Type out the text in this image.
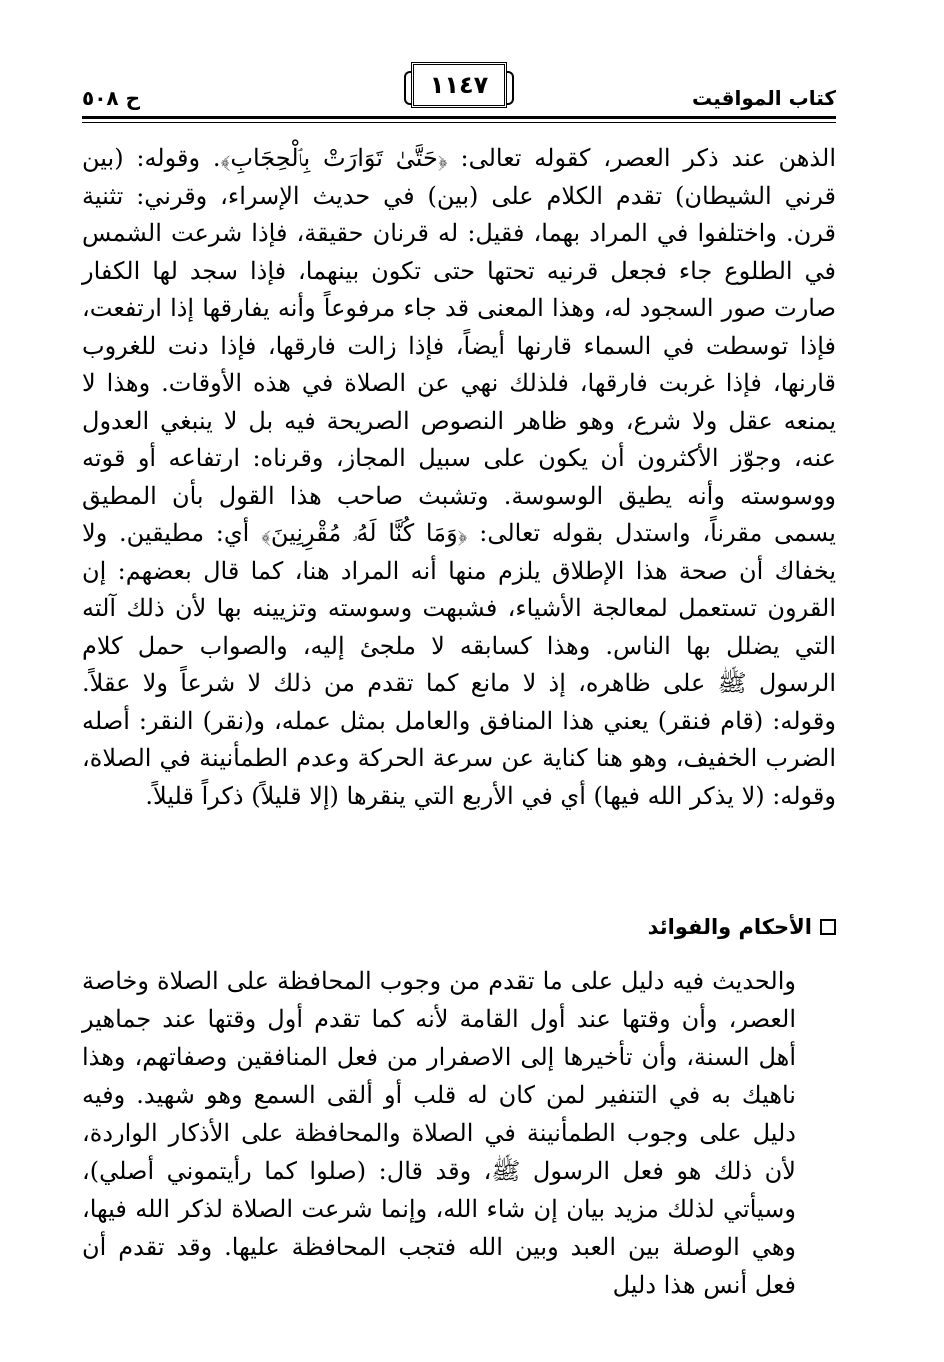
كتاب المواقيت
١١٤٧
ح ٥٠٨

الذهن عند ذكر العصر، كقوله تعالى: ﴿حَتَّىٰ تَوَارَتْ بِٱلْحِجَابِ﴾. وقوله: (بين قرني الشيطان) تقدم الكلام على (بين) في حديث الإسراء، وقرني: تثنية قرن. واختلفوا في المراد بهما، فقيل: له قرنان حقيقة، فإذا شرعت الشمس في الطلوع جاء فجعل قرنيه تحتها حتى تكون بينهما، فإذا سجد لها الكفار صارت صور السجود له، وهذا المعنى قد جاء مرفوعاً وأنه يفارقها إذا ارتفعت، فإذا توسطت في السماء قارنها أيضاً، فإذا زالت فارقها، فإذا دنت للغروب قارنها، فإذا غربت فارقها، فلذلك نهي عن الصلاة في هذه الأوقات. وهذا لا يمنعه عقل ولا شرع، وهو ظاهر النصوص الصريحة فيه بل لا ينبغي العدول عنه، وجوّز الأكثرون أن يكون على سبيل المجاز، وقرناه: ارتفاعه أو قوته ووسوسته وأنه يطيق الوسوسة. وتشبث صاحب هذا القول بأن المطيق يسمى مقرناً، واستدل بقوله تعالى: ﴿وَمَا كُنَّا لَهُۥ مُقْرِنِينَ﴾ أي: مطيقين. ولا يخفاك أن صحة هذا الإطلاق يلزم منها أنه المراد هنا، كما قال بعضهم: إن القرون تستعمل لمعالجة الأشياء، فشبهت وسوسته وتزيينه بها لأن ذلك آلته التي يضلل بها الناس. وهذا كسابقه لا ملجئ إليه، والصواب حمل كلام الرسول ﷺ على ظاهره، إذ لا مانع كما تقدم من ذلك لا شرعاً ولا عقلاً. وقوله: (قام فنقر) يعني هذا المنافق والعامل بمثل عمله، و(نقر) النقر: أصله الضرب الخفيف، وهو هنا كناية عن سرعة الحركة وعدم الطمأنينة في الصلاة، وقوله: (لا يذكر الله فيها) أي في الأربع التي ينقرها (إلا قليلاً) ذكراً قليلاً.

الأحكام والفوائد

والحديث فيه دليل على ما تقدم من وجوب المحافظة على الصلاة وخاصة العصر، وأن وقتها عند أول القامة لأنه كما تقدم أول وقتها عند جماهير أهل السنة، وأن تأخيرها إلى الاصفرار من فعل المنافقين وصفاتهم، وهذا ناهيك به في التنفير لمن كان له قلب أو ألقى السمع وهو شهيد. وفيه دليل على وجوب الطمأنينة في الصلاة والمحافظة على الأذكار الواردة، لأن ذلك هو فعل الرسول ﷺ، وقد قال: (صلوا كما رأيتموني أصلي)، وسيأتي لذلك مزيد بيان إن شاء الله، وإنما شرعت الصلاة لذكر الله فيها، وهي الوصلة بين العبد وبين الله فتجب المحافظة عليها. وقد تقدم أن فعل أنس هذا دليل
